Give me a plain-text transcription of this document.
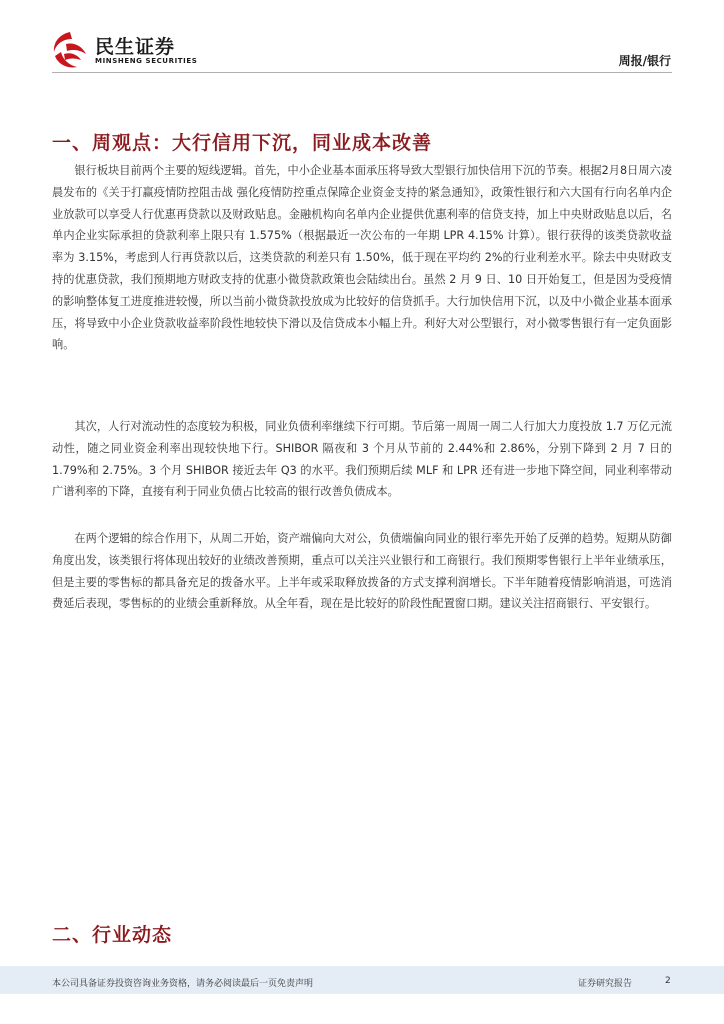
民生证券
MINSHENG SECURITIES	周报/银行
一、周观点：大行信用下沉，同业成本改善

银行板块目前两个主要的短线逻辑。首先，中小企业基本面承压将导致大型银行加快信用下沉的节奏。根据2月8日周六凌晨发布的《关于打赢疫情防控阻击战 强化疫情防控重点保障企业资金支持的紧急通知》，政策性银行和六大国有行向名单内企业放款可以享受人行优惠再贷款以及财政贴息。金融机构向名单内企业提供优惠利率的信贷支持，加上中央财政贴息以后，名单内企业实际承担的贷款利率上限只有 1.575%（根据最近一次公布的一年期 LPR 4.15% 计算）。银行获得的该类贷款收益率为 3.15%，考虑到人行再贷款以后，这类贷款的利差只有 1.50%，低于现在平均约 2%的行业利差水平。除去中央财政支持的优惠贷款，我们预期地方财政支持的优惠小微贷款政策也会陆续出台。虽然 2 月 9 日、10 日开始复工，但是因为受疫情的影响整体复工进度推进较慢，所以当前小微贷款投放成为比较好的信贷抓手。大行加快信用下沉，以及中小微企业基本面承压，将导致中小企业贷款收益率阶段性地较快下滑以及信贷成本小幅上升。利好大对公型银行，对小微零售银行有一定负面影响。

其次，人行对流动性的态度较为积极，同业负债利率继续下行可期。节后第一周周一周二人行加大力度投放 1.7 万亿元流动性，随之同业资金利率出现较快地下行。SHIBOR 隔夜和 3 个月从节前的 2.44%和 2.86%，分别下降到 2 月 7 日的 1.79%和 2.75%。3 个月 SHIBOR 接近去年 Q3 的水平。我们预期后续 MLF 和 LPR 还有进一步地下降空间，同业利率带动广谱利率的下降，直接有利于同业负债占比较高的银行改善负债成本。

在两个逻辑的综合作用下，从周二开始，资产端偏向大对公，负债端偏向同业的银行率先开始了反弹的趋势。短期从防御角度出发，该类银行将体现出较好的业绩改善预期，重点可以关注兴业银行和工商银行。我们预期零售银行上半年业绩承压，但是主要的零售标的都具备充足的拨备水平。上半年或采取释放拨备的方式支撑利润增长。下半年随着疫情影响消退，可选消费延后表现，零售标的的业绩会重新释放。从全年看，现在是比较好的阶段性配置窗口期。建议关注招商银行、平安银行。

二、行业动态
本公司具备证券投资咨询业务资格，请务必阅读最后一页免责声明	证券研究报告	2
